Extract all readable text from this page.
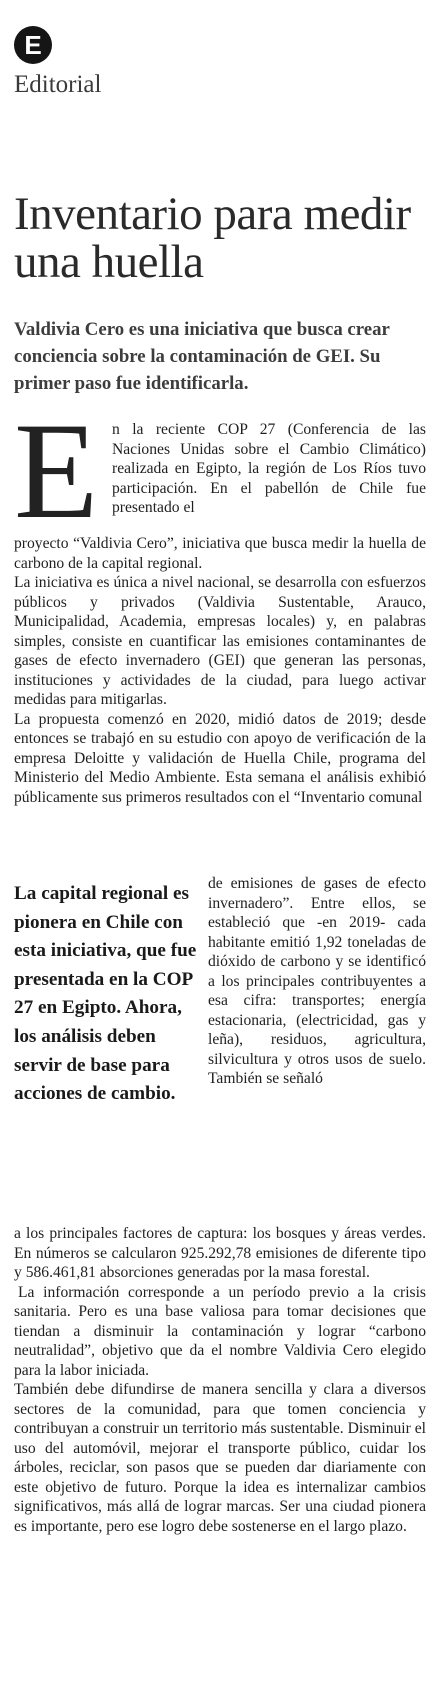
E
Editorial
Inventario para medir una huella
Valdivia Cero es una iniciativa que busca crear conciencia sobre la contaminación de GEI. Su primer paso fue identificarla.
E n la reciente COP 27 (Conferencia de las Naciones Unidas sobre el Cambio Climático) realizada en Egipto, la región de Los Ríos tuvo participación. En el pabellón de Chile fue presentado el

proyecto “Valdivia Cero”, iniciativa que busca medir la huella de carbono de la capital regional.

La iniciativa es única a nivel nacional, se desarrolla con esfuerzos públicos y privados (Valdivia Sustentable, Arauco, Municipalidad, Academia, empresas locales) y, en palabras simples, consiste en cuantificar las emisiones contaminantes de gases de efecto invernadero (GEI) que generan las personas, instituciones y actividades de la ciudad, para luego activar medidas para mitigarlas.

La propuesta comenzó en 2020, midió datos de 2019; desde entonces se trabajó en su estudio con apoyo de verificación de la empresa Deloitte y validación de Huella Chile, programa del Ministerio del Medio Ambiente. Esta semana el análisis exhibió públicamente sus primeros resultados con el “Inventario comunal

La capital regional es pionera en Chile con esta iniciativa, que fue presentada en la COP 27 en Egipto. Ahora, los análisis deben servir de base para acciones de cambio.
de emisiones de gases de efecto invernadero”. Entre ellos, se estableció que -en 2019- cada habitante emitió 1,92 toneladas de dióxido de carbono y se identificó a los principales contribuyentes a esa cifra: transportes; energía estacionaria, (electricidad, gas y leña), residuos, agricultura, silvicultura y otros usos de suelo. También se señaló

a los principales factores de captura: los bosques y áreas verdes. En números se calcularon 925.292,78 emisiones de diferente tipo y 586.461,81 absorciones generadas por la masa forestal.

La información corresponde a un período previo a la crisis sanitaria. Pero es una base valiosa para tomar decisiones que tiendan a disminuir la contaminación y lograr “carbono neutralidad”, objetivo que da el nombre Valdivia Cero elegido para la labor iniciada.

También debe difundirse de manera sencilla y clara a diversos sectores de la comunidad, para que tomen conciencia y contribuyan a construir un territorio más sustentable. Disminuir el uso del automóvil, mejorar el transporte público, cuidar los árboles, reciclar, son pasos que se pueden dar diariamente con este objetivo de futuro. Porque la idea es internalizar cambios significativos, más allá de lograr marcas. Ser una ciudad pionera es importante, pero ese logro debe sostenerse en el largo plazo.
